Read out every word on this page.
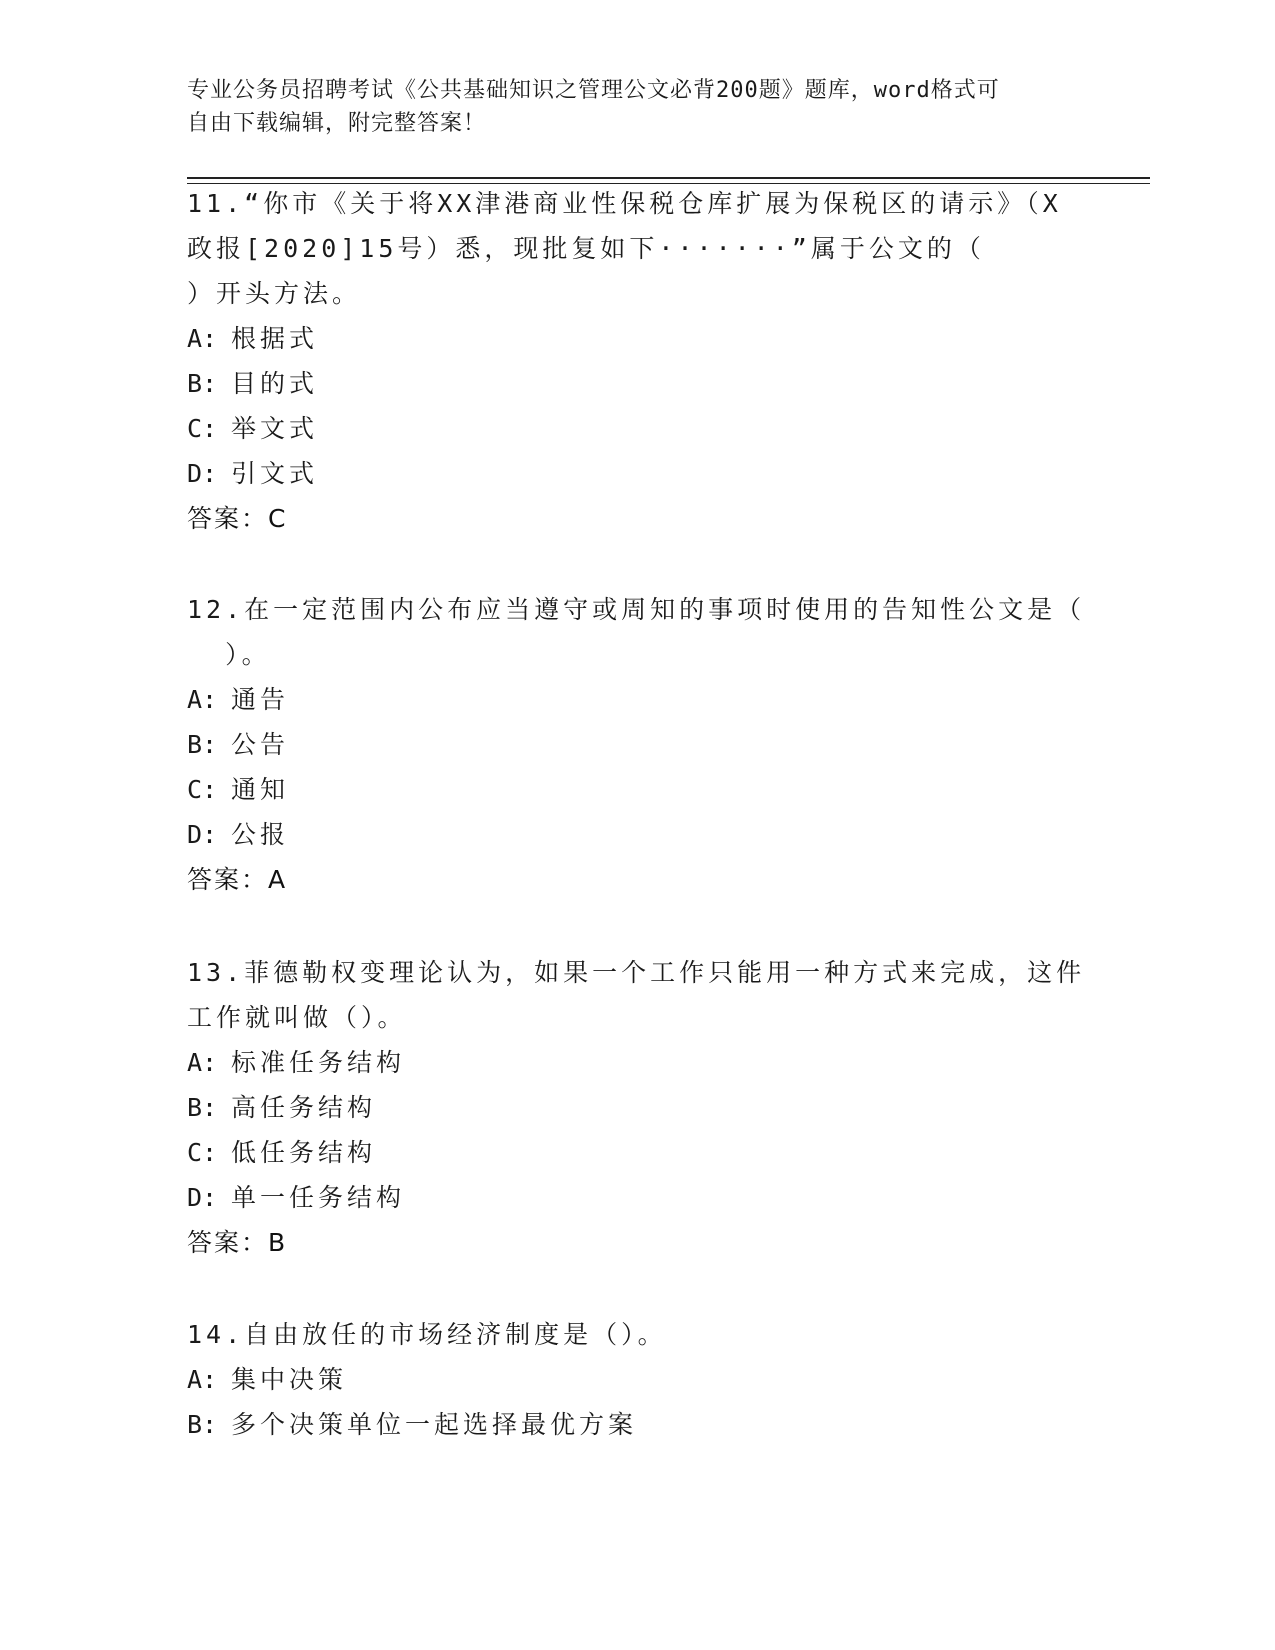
专业公务员招聘考试《公共基础知识之管理公文必背200题》题库，word格式可
自由下载编辑，附完整答案！
11.“你市《关于将XX津港商业性保税仓库扩展为保税区的请示》（X
政报[2020]15号）悉，现批复如下·······”属于公文的（
）开头方法。
A: 根据式
B: 目的式
C: 举文式
D: 引文式
答案：C
12.在一定范围内公布应当遵守或周知的事项时使用的告知性公文是（
）。
A: 通告
B: 公告
C: 通知
D: 公报
答案：A
13.菲德勒权变理论认为，如果一个工作只能用一种方式来完成，这件
工作就叫做（）。
A: 标准任务结构
B: 高任务结构
C: 低任务结构
D: 单一任务结构
答案：B
14.自由放任的市场经济制度是（）。
A: 集中决策
B: 多个决策单位一起选择最优方案
